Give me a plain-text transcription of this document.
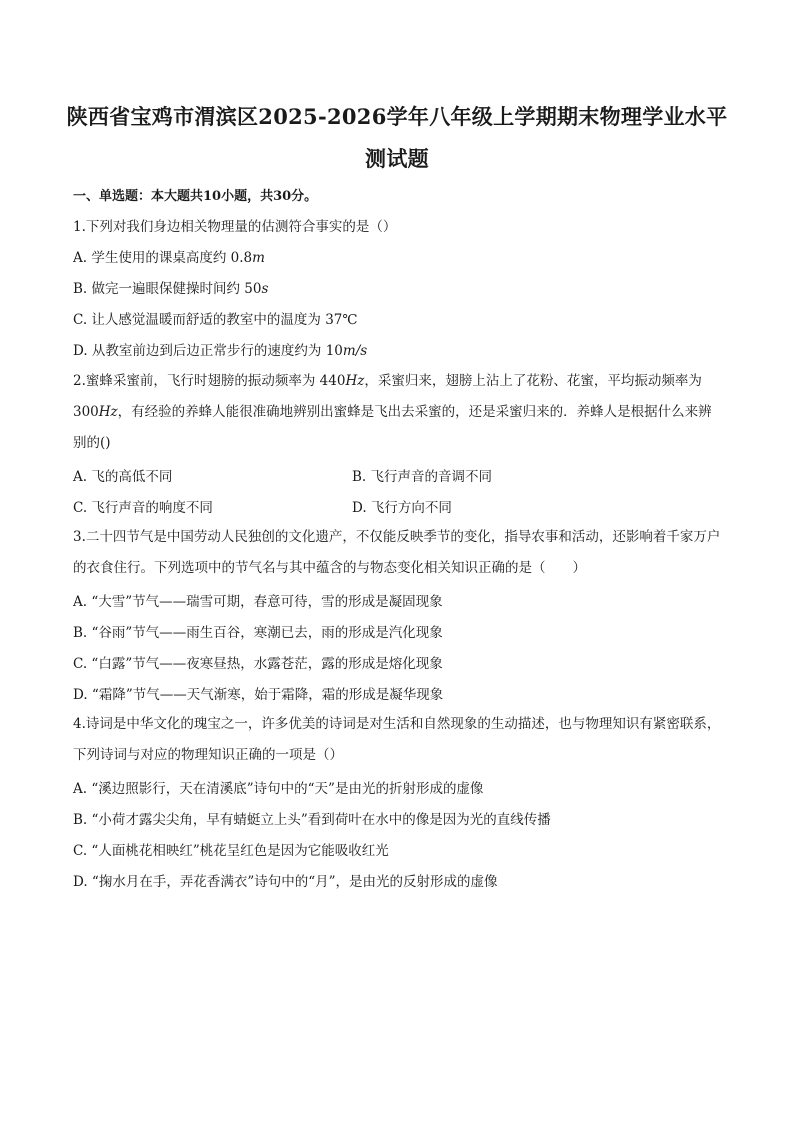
陕西省宝鸡市渭滨区2025-2026学年八年级上学期期末物理学业水平
测试题
一、单选题：本大题共10小题，共30分。
1.下列对我们身边相关物理量的估测符合事实的是（）
A. 学生使用的课桌高度约 0.8m
B. 做完一遍眼保健操时间约 50s
C. 让人感觉温暖而舒适的教室中的温度为 37℃
D. 从教室前边到后边正常步行的速度约为 10m/s
2.蜜蜂采蜜前，飞行时翅膀的振动频率为 440Hz，采蜜归来，翅膀上沾上了花粉、花蜜，平均振动频率为300Hz，有经验的养蜂人能很准确地辨别出蜜蜂是飞出去采蜜的，还是采蜜归来的．养蜂人是根据什么来辨别的()
A. 飞的高低不同	B. 飞行声音的音调不同
C. 飞行声音的响度不同	D. 飞行方向不同
3.二十四节气是中国劳动人民独创的文化遗产，不仅能反映季节的变化，指导农事和活动，还影响着千家万户的衣食住行。下列选项中的节气名与其中蕴含的与物态变化相关知识正确的是（　　）
A. “大雪”节气——瑞雪可期，春意可待，雪的形成是凝固现象
B. “谷雨”节气——雨生百谷，寒潮已去，雨的形成是汽化现象
C. “白露”节气——夜寒昼热，水露苍茫，露的形成是熔化现象
D. “霜降”节气——天气渐寒，始于霜降，霜的形成是凝华现象
4.诗词是中华文化的瑰宝之一，许多优美的诗词是对生活和自然现象的生动描述，也与物理知识有紧密联系，下列诗词与对应的物理知识正确的一项是（）
A. “溪边照影行，天在清溪底”诗句中的“天”是由光的折射形成的虚像
B. “小荷才露尖尖角，早有蜻蜓立上头”看到荷叶在水中的像是因为光的直线传播
C. “人面桃花相映红”桃花呈红色是因为它能吸收红光
D. “掬水月在手，弄花香满衣”诗句中的“月”，是由光的反射形成的虚像
